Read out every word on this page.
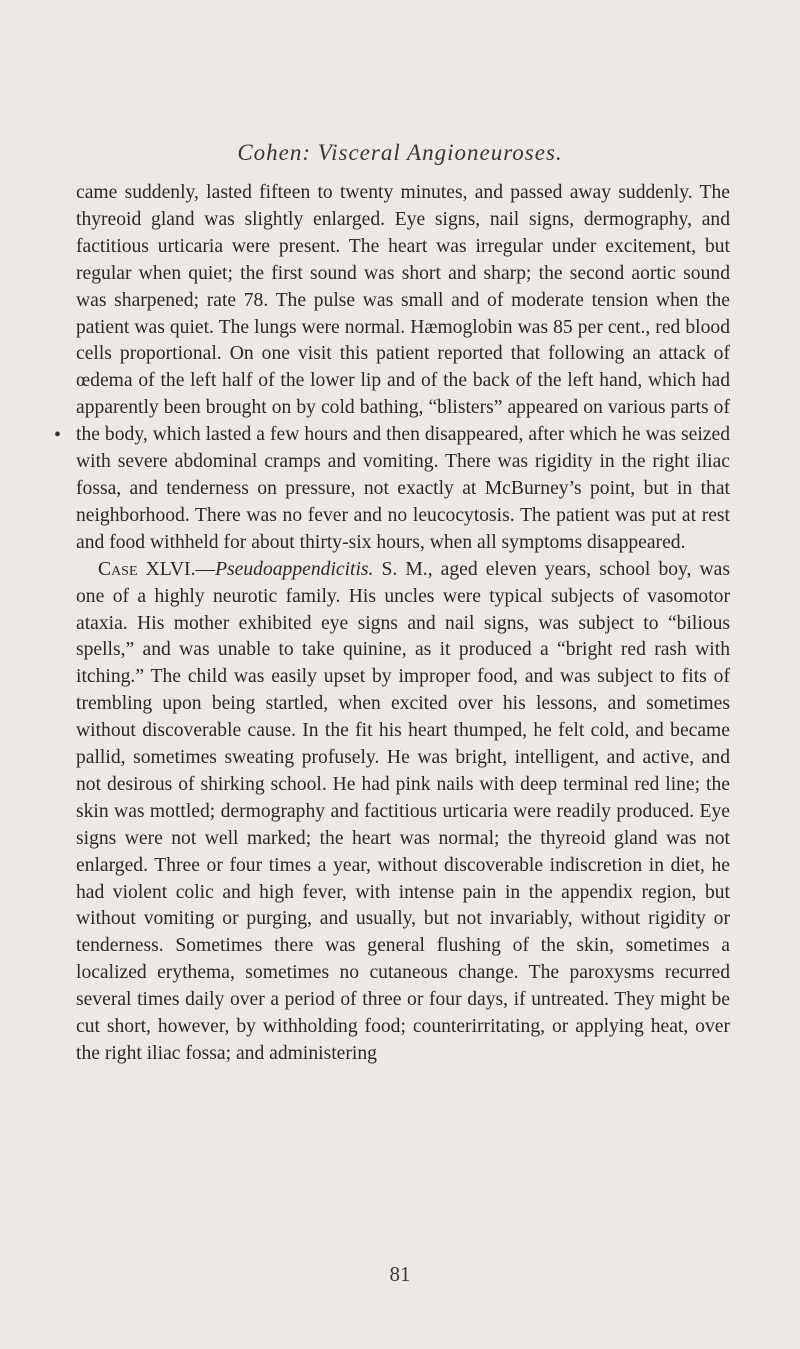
Cohen: Visceral Angioneuroses.
•

came suddenly, lasted fifteen to twenty minutes, and passed away suddenly. The thyreoid gland was slightly enlarged. Eye signs, nail signs, dermography, and factitious urticaria were present. The heart was irregular under excitement, but regular when quiet; the first sound was short and sharp; the second aortic sound was sharpened; rate 78. The pulse was small and of moderate tension when the patient was quiet. The lungs were normal. Hæmoglobin was 85 per cent., red blood cells proportional. On one visit this patient reported that following an attack of œdema of the left half of the lower lip and of the back of the left hand, which had apparently been brought on by cold bathing, “blisters” appeared on various parts of the body, which lasted a few hours and then disappeared, after which he was seized with severe abdominal cramps and vomiting. There was rigidity in the right iliac fossa, and tenderness on pressure, not exactly at McBurney’s point, but in that neighborhood. There was no fever and no leucocytosis. The patient was put at rest and food withheld for about thirty-six hours, when all symptoms disappeared.

Case XLVI.—Pseudoappendicitis. S. M., aged eleven years, school boy, was one of a highly neurotic family. His uncles were typical subjects of vasomotor ataxia. His mother exhibited eye signs and nail signs, was subject to “bilious spells,” and was unable to take quinine, as it produced a “bright red rash with itching.” The child was easily upset by improper food, and was subject to fits of trembling upon being startled, when excited over his lessons, and sometimes without discoverable cause. In the fit his heart thumped, he felt cold, and became pallid, sometimes sweating profusely. He was bright, intelligent, and active, and not desirous of shirking school. He had pink nails with deep terminal red line; the skin was mottled; dermography and factitious urticaria were readily produced. Eye signs were not well marked; the heart was normal; the thyreoid gland was not enlarged. Three or four times a year, without discoverable indiscretion in diet, he had violent colic and high fever, with intense pain in the appendix region, but without vomiting or purging, and usually, but not invariably, without rigidity or tenderness. Sometimes there was general flushing of the skin, sometimes a localized erythema, sometimes no cutaneous change. The paroxysms recurred several times daily over a period of three or four days, if untreated. They might be cut short, however, by withholding food; counterirritating, or applying heat, over the right iliac fossa; and administering

81
